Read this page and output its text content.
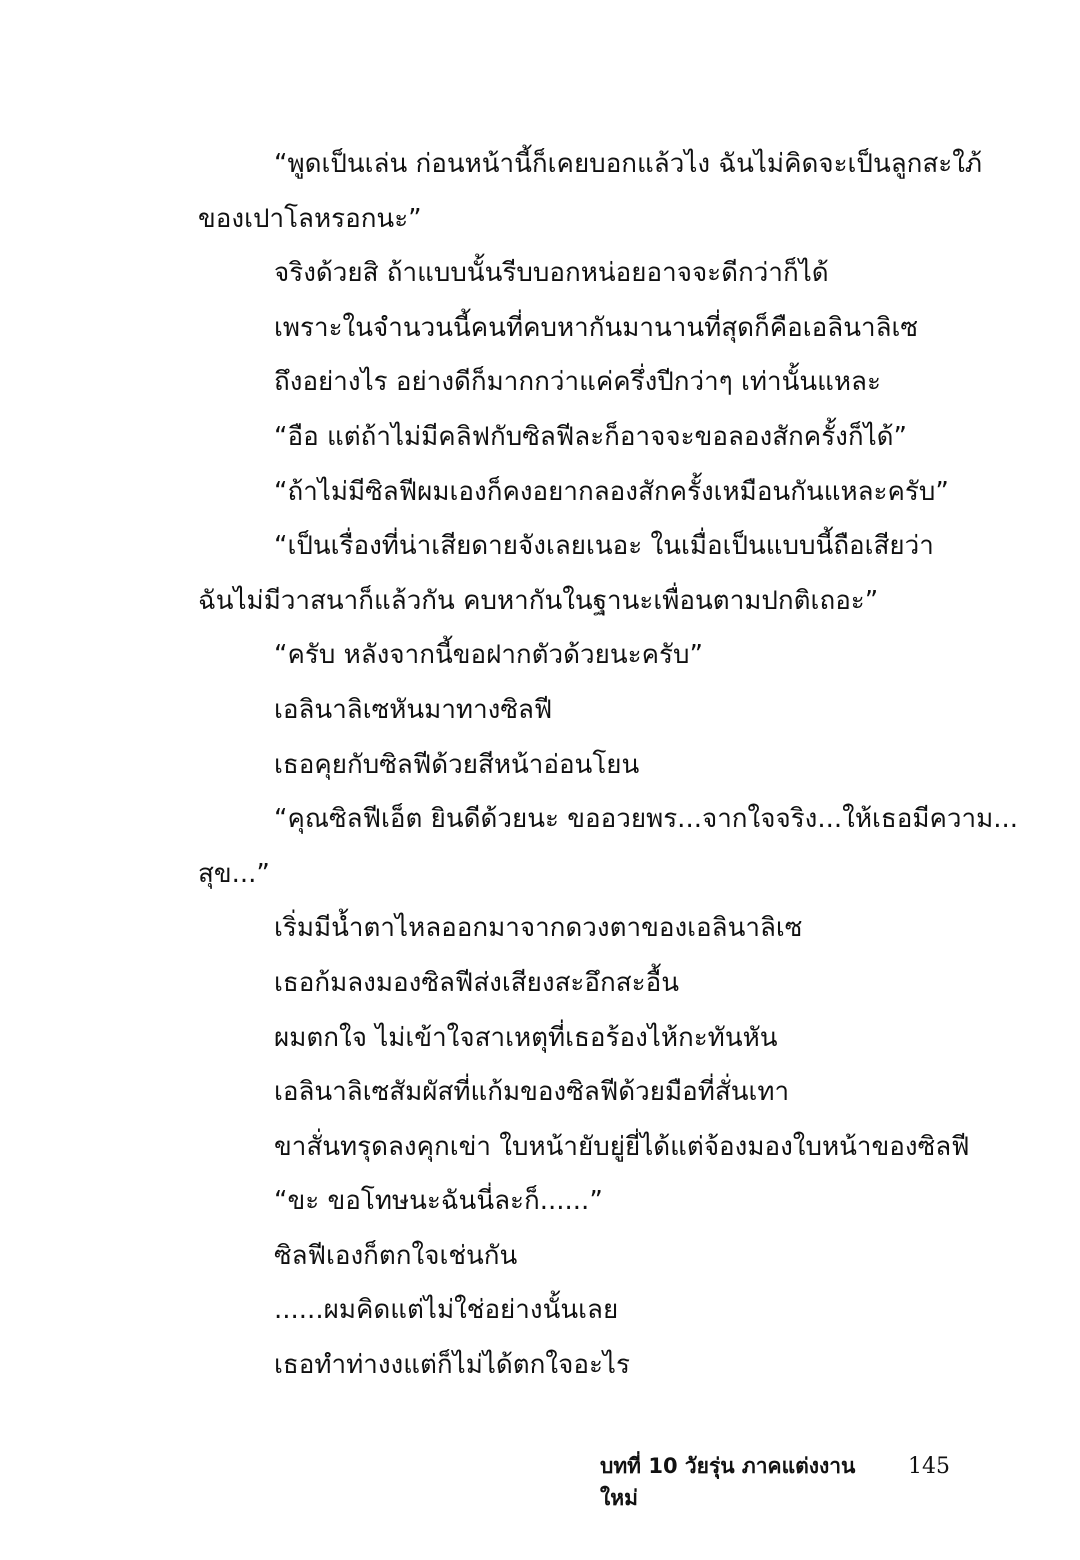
“พูดเป็นเล่น ก่อนหน้านี้ก็เคยบอกแล้วไง ฉันไม่คิดจะเป็นลูกสะใภ้

ของเปาโลหรอกนะ”

จริงด้วยสิ ถ้าแบบนั้นรีบบอกหน่อยอาจจะดีกว่าก็ได้

เพราะในจำนวนนี้คนที่คบหากันมานานที่สุดก็คือเอลินาลิเซ

ถึงอย่างไร อย่างดีก็มากกว่าแค่ครึ่งปีกว่าๆ เท่านั้นแหละ

“อือ แต่ถ้าไม่มีคลิฟกับซิลฟีละก็อาจจะขอลองสักครั้งก็ได้”

“ถ้าไม่มีซิลฟีผมเองก็คงอยากลองสักครั้งเหมือนกันแหละครับ”

“เป็นเรื่องที่น่าเสียดายจังเลยเนอะ ในเมื่อเป็นแบบนี้ถือเสียว่า

ฉันไม่มีวาสนาก็แล้วกัน คบหากันในฐานะเพื่อนตามปกติเถอะ”

“ครับ หลังจากนี้ขอฝากตัวด้วยนะครับ”

เอลินาลิเซหันมาทางซิลฟี

เธอคุยกับซิลฟีด้วยสีหน้าอ่อนโยน

“คุณซิลฟีเอ็ต ยินดีด้วยนะ ขออวยพร...จากใจจริง...ให้เธอมีความ...

สุข...”

เริ่มมีน้ำตาไหลออกมาจากดวงตาของเอลินาลิเซ

เธอก้มลงมองซิลฟีส่งเสียงสะอึกสะอื้น

ผมตกใจ ไม่เข้าใจสาเหตุที่เธอร้องไห้กะทันหัน

เอลินาลิเซสัมผัสที่แก้มของซิลฟีด้วยมือที่สั่นเทา

ขาสั่นทรุดลงคุกเข่า ใบหน้ายับยู่ยี่ได้แต่จ้องมองใบหน้าของซิลฟี

“ขะ ขอโทษนะฉันนี่ละก็......”

ซิลฟีเองก็ตกใจเช่นกัน

......ผมคิดแต่ไม่ใช่อย่างนั้นเลย

เธอทำท่างงแต่ก็ไม่ได้ตกใจอะไร

บทที่ 10 วัยรุ่น ภาคแต่งงานใหม่
145
